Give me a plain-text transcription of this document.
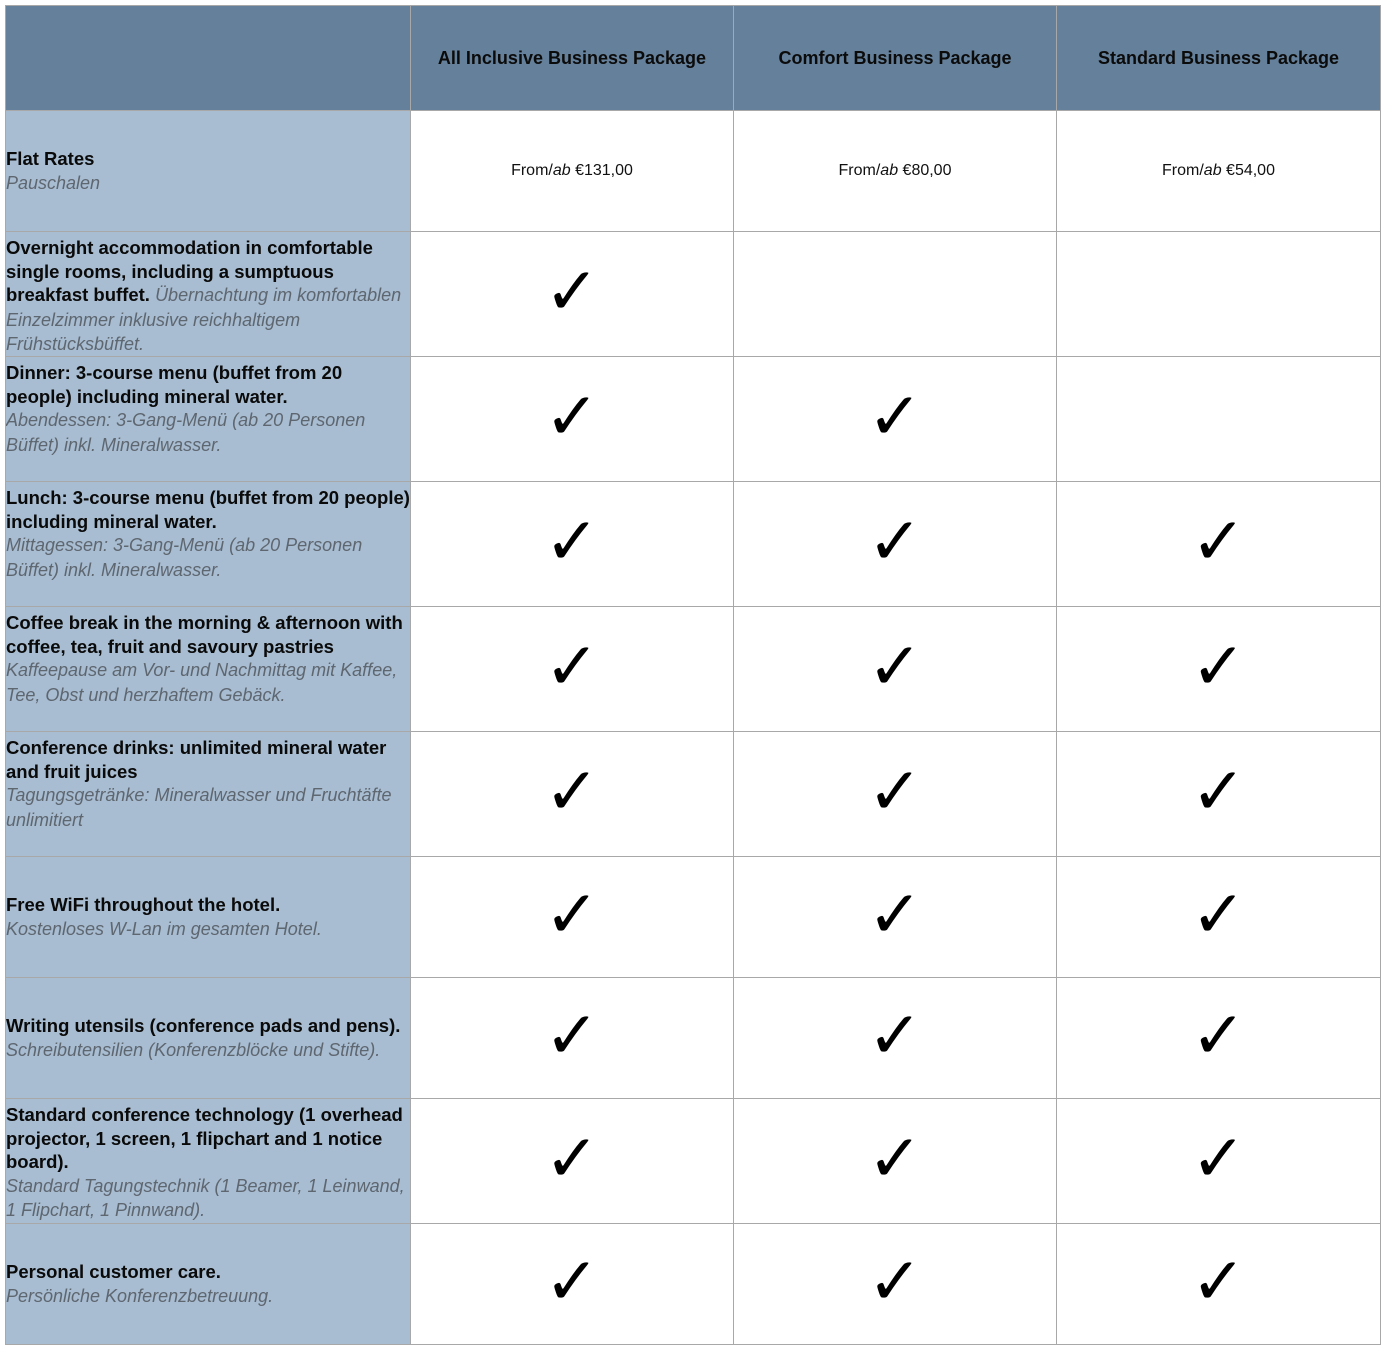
	All Inclusive Business Package	Comfort Business Package	Standard Business Package

Flat Rates
Pauschalen	From/ab €131,00	From/ab €80,00	From/ab €54,00

Overnight accommodation in comfortable single rooms, including a sumptuous breakfast buffet. Übernachtung im komfortablen Einzelzimmer inklusive reichhaltigem Frühstücksbüffet.	✓		

Dinner: 3-course menu (buffet from 20 people) including mineral water.
Abendessen: 3-Gang-Menü (ab 20 Personen Büffet) inkl. Mineralwasser.	✓	✓	

Lunch: 3-course menu (buffet from 20 people) including mineral water.
Mittagessen: 3-Gang-Menü (ab 20 Personen Büffet) inkl. Mineralwasser.	✓	✓	✓

Coffee break in the morning & afternoon with coffee, tea, fruit and savoury pastries
Kaffeepause am Vor- und Nachmittag mit Kaffee, Tee, Obst und herzhaftem Gebäck.	✓	✓	✓

Conference drinks: unlimited mineral water and fruit juices
Tagungsgetränke: Mineralwasser und Fruchtäfte unlimitiert	✓	✓	✓

Free WiFi throughout the hotel.
Kostenloses W-Lan im gesamten Hotel.	✓	✓	✓

Writing utensils (conference pads and pens). Schreibutensilien (Konferenzblöcke und Stifte).	✓	✓	✓

Standard conference technology (1 overhead projector, 1 screen, 1 flipchart and 1 notice board).
Standard Tagungstechnik (1 Beamer, 1 Leinwand, 1 Flipchart, 1 Pinnwand).	✓	✓	✓

Personal customer care.
Persönliche Konferenzbetreuung.	✓	✓	✓
